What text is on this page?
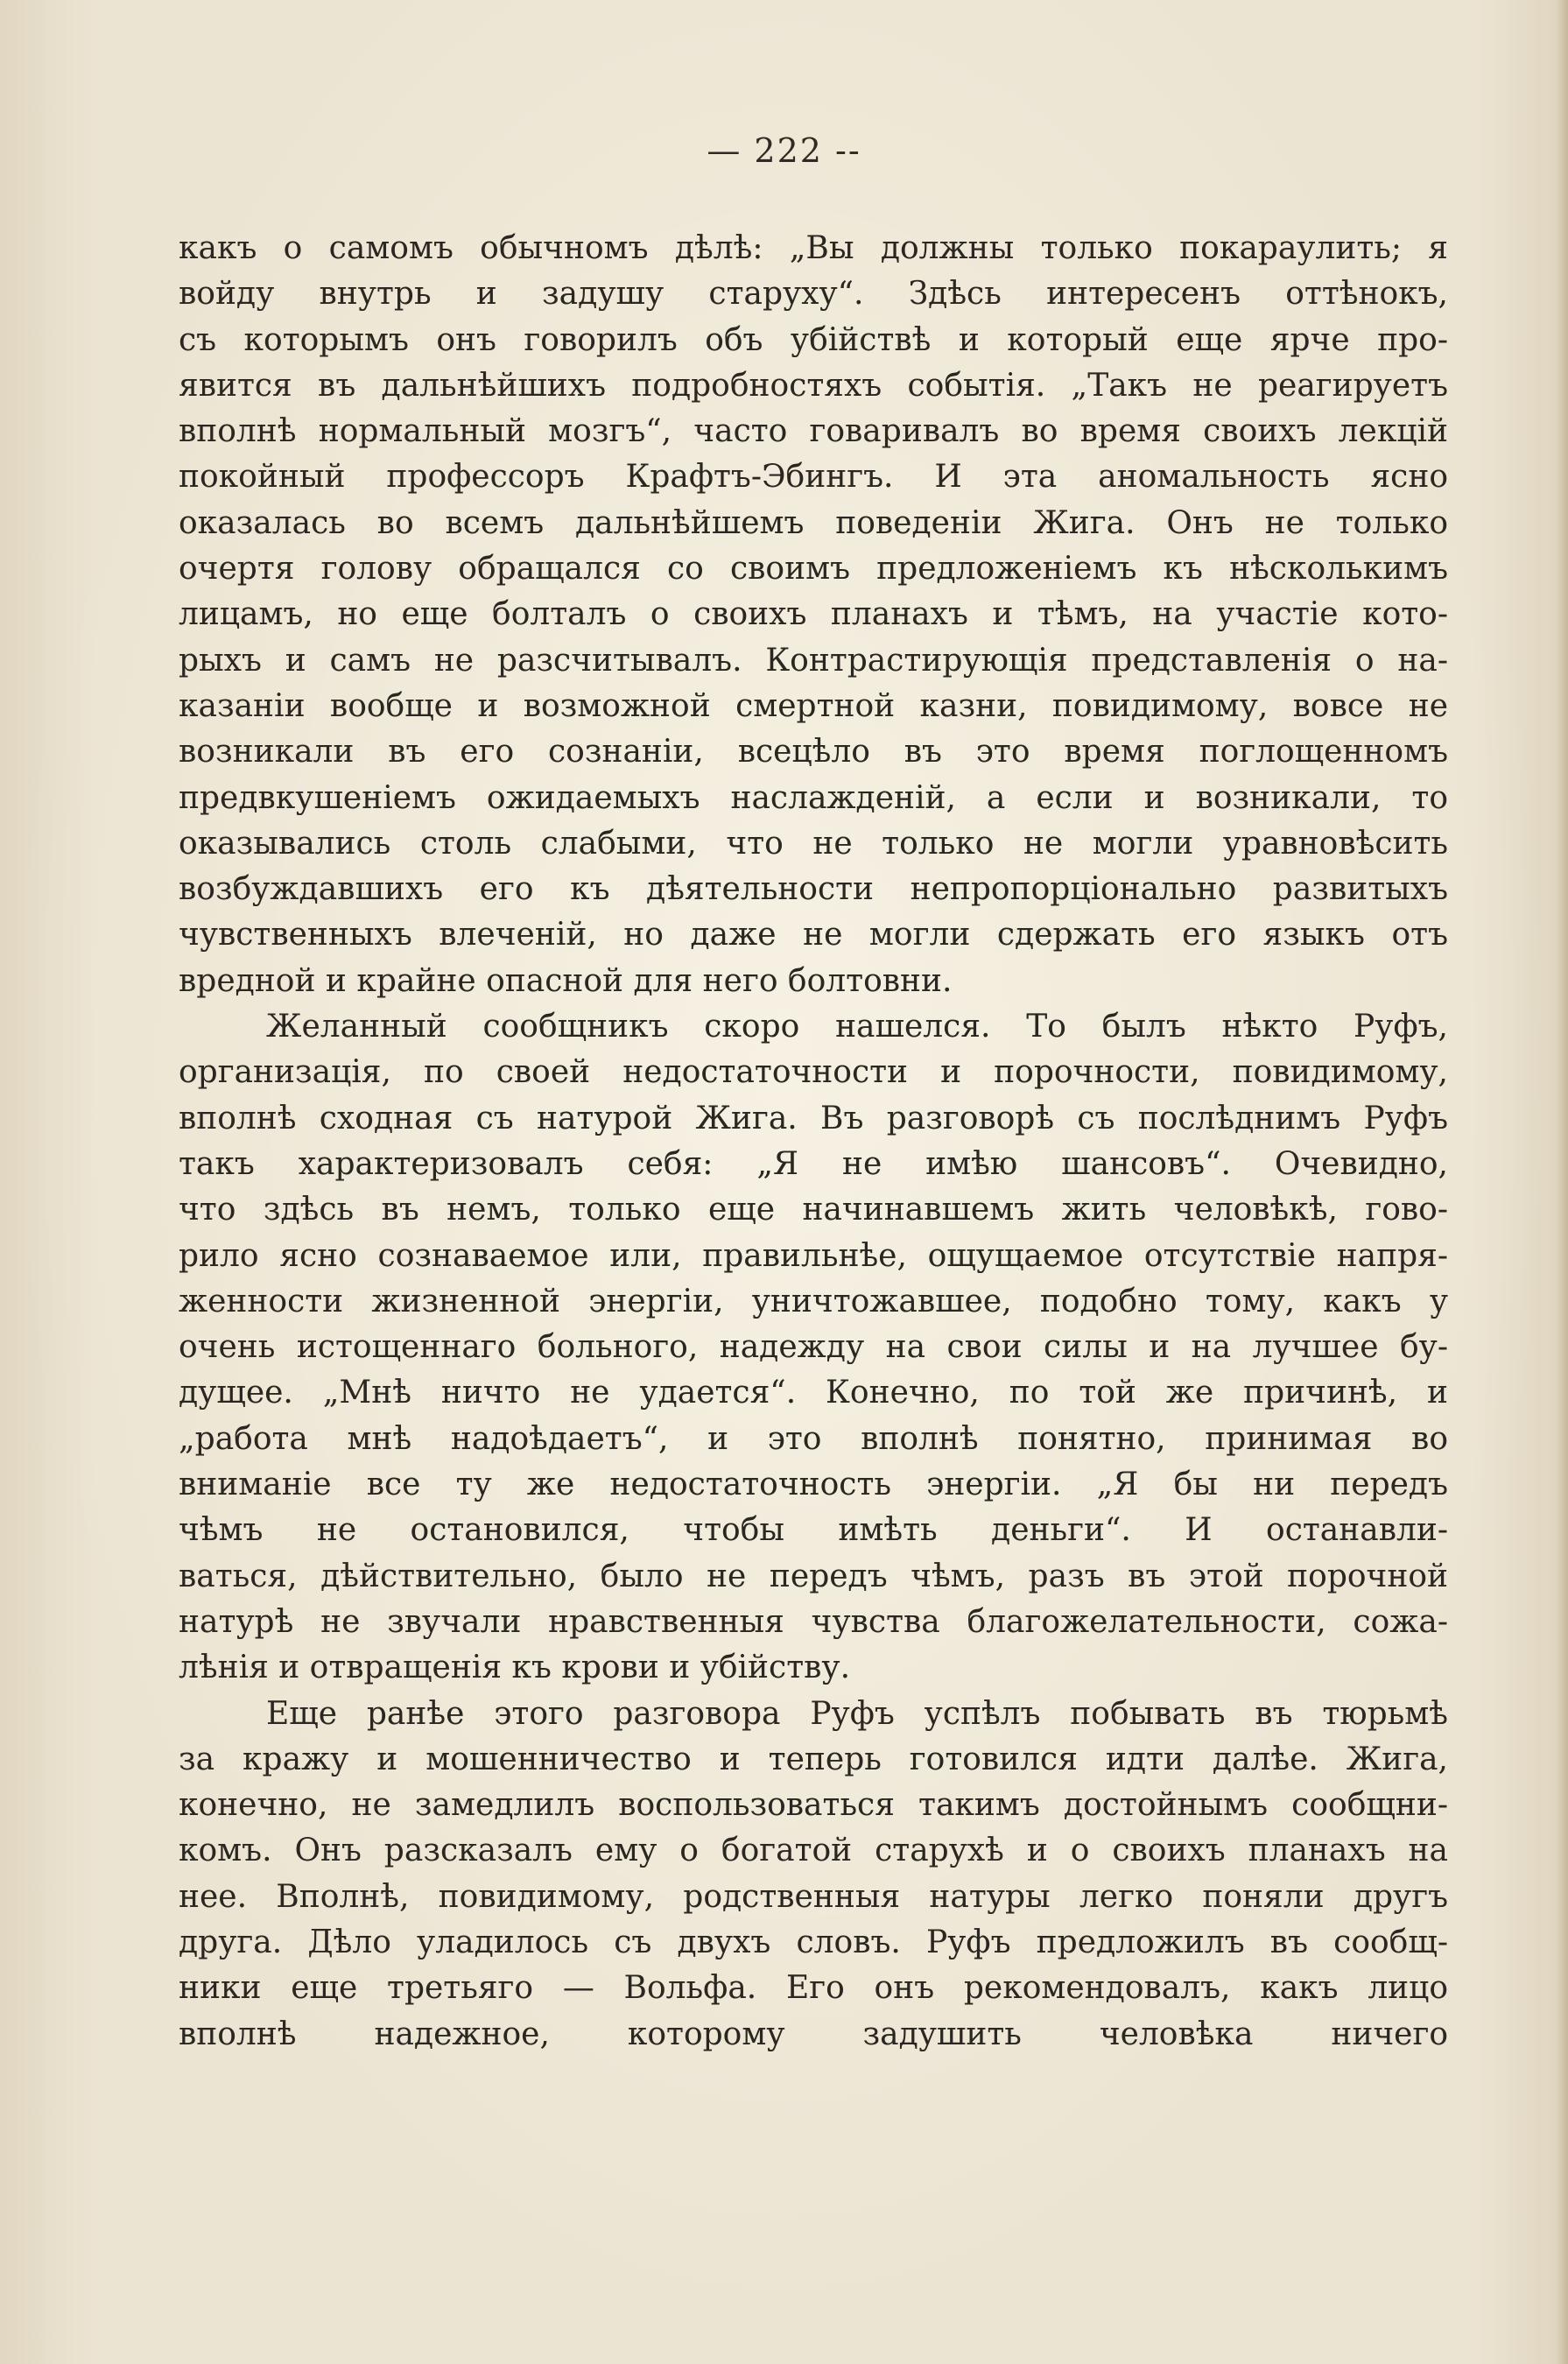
— 222 --
какъ о самомъ обычномъ дѣлѣ: „Вы должны только покараулить; я
войду внутрь и задушу старуху“. Здѣсь интересенъ оттѣнокъ,
съ которымъ онъ говорилъ объ убійствѣ и который еще ярче про-
явится въ дальнѣйшихъ подробностяхъ событія. „Такъ не реагируетъ
вполнѣ нормальный мозгъ“, часто говаривалъ во время своихъ лекцій
покойный профессоръ Крафтъ-Эбингъ. И эта аномальность ясно
оказалась во всемъ дальнѣйшемъ поведеніи Жига. Онъ не только
очертя голову обращался со своимъ предложеніемъ къ нѣсколькимъ
лицамъ, но еще болталъ о своихъ планахъ и тѣмъ, на участіе кото-
рыхъ и самъ не разсчитывалъ. Контрастирующія представленія о на-
казаніи вообще и возможной смертной казни, повидимому, вовсе не
возникали въ его сознаніи, всецѣло въ это время поглощенномъ
предвкушеніемъ ожидаемыхъ наслажденій, а если и возникали, то
оказывались столь слабыми, что не только не могли уравновѣсить
возбуждавшихъ его къ дѣятельности непропорціонально развитыхъ
чувственныхъ влеченій, но даже не могли сдержать его языкъ отъ
вредной и крайне опасной для него болтовни.
Желанный сообщникъ скоро нашелся. То былъ нѣкто Руфъ,
организація, по своей недостаточности и порочности, повидимому,
вполнѣ сходная съ натурой Жига. Въ разговорѣ съ послѣднимъ Руфъ
такъ характеризовалъ себя: „Я не имѣю шансовъ“. Очевидно,
что здѣсь въ немъ, только еще начинавшемъ жить человѣкѣ, гово-
рило ясно сознаваемое или, правильнѣе, ощущаемое отсутствіе напря-
женности жизненной энергіи, уничтожавшее, подобно тому, какъ у
очень истощеннаго больного, надежду на свои силы и на лучшее бу-
дущее. „Мнѣ ничто не удается“. Конечно, по той же причинѣ, и
„работа мнѣ надоѣдаетъ“, и это вполнѣ понятно, принимая во
вниманіе все ту же недостаточность энергіи. „Я бы ни передъ
чѣмъ не остановился, чтобы имѣть деньги“. И останавли-
ваться, дѣйствительно, было не передъ чѣмъ, разъ въ этой порочной
натурѣ не звучали нравственныя чувства благожелательности, сожа-
лѣнія и отвращенія къ крови и убійству.
Еще ранѣе этого разговора Руфъ успѣлъ побывать въ тюрьмѣ
за кражу и мошенничество и теперь готовился идти далѣе. Жига,
конечно, не замедлилъ воспользоваться такимъ достойнымъ сообщни-
комъ. Онъ разсказалъ ему о богатой старухѣ и о своихъ планахъ на
нее. Вполнѣ, повидимому, родственныя натуры легко поняли другъ
друга. Дѣло уладилось съ двухъ словъ. Руфъ предложилъ въ сообщ-
ники еще третьяго — Вольфа. Его онъ рекомендовалъ, какъ лицо
вполнѣ надежное, которому задушить человѣка ничего
